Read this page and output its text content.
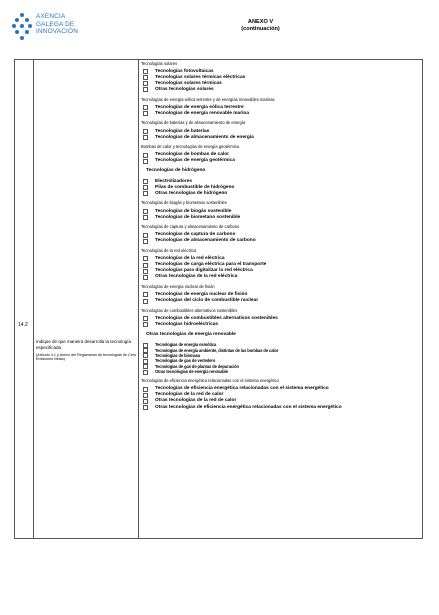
AXENCIA
GALEGA DE
INNOVACIÓN
ANEXO V
(continuación)
14.2
Indique de que maneira desarrolla la tecnología especificada
(Artículo 4.1 y Anexo del Reglamento de tecnologías de Cero Emisiones Netas)
Tecnologías solares
Tecnologías fotovoltaicas
Tecnologías solares térmicas eléctricas
Tecnologías solares térmicas
Otras tecnologías solares
Tecnologías de energía eólica terrestre y de energías renovables marinas
Tecnologías de energía eólica terrestre
Tecnologías de energía renovable marina
Tecnologías de baterías y de almacenamiento de energía
Tecnologías de baterías
Tecnologías de almacenamiento de energía
Bombas de calor y tecnologías de energía geotérmica
Tecnologías de bombas de calor
Tecnologías de energía geotérmica
Tecnologías de hidrógeno
Electrolizadores
Pilas de combustible de hidrógeno
Otras tecnologías de hidrógeno
Tecnologías de biogás y biometano sostenibles
Tecnologías de biogás sostenible
Tecnologías de biometano sostenible
Tecnologías de captura y almacenamiento de carbono
Tecnologías de captura de carbono
Tecnologías de almacenamiento de carbono
Tecnologías de la red eléctrica
Tecnologías de la red eléctrica
Tecnologías de carga eléctrica para el transporte
Tecnologías para digitalizar la red eléctrica
Otras tecnologías de la red eléctrica
Tecnologías de energía nuclear de fisión
Tecnologías de energía nuclear de fisión
Tecnologías del ciclo de combustible nuclear
Tecnologías de combustibles alternativos sostenibles
Tecnologías de combustibles alternativos sostenibles
Tecnologías hidroeléctricas
Otras tecnologías de energía renovable
Tecnologías de energía osmótica
Tecnologías de energía ambiente, distintas de las bombas de calor
Tecnologías de biomasa
Tecnologías de gas de vertedero
Tecnologías de gas de plantas de depuración
Otras tecnologías de energía renovable
Tecnologías de eficiencia energética relacionadas con el sistema energético
Tecnologías de eficiencia energética relacionadas con el sistema energético
Tecnologías de la red de calor
Otras tecnologías de la red de calor
Otras tecnologías de eficiencia energética relacionadas con el sistema energético
